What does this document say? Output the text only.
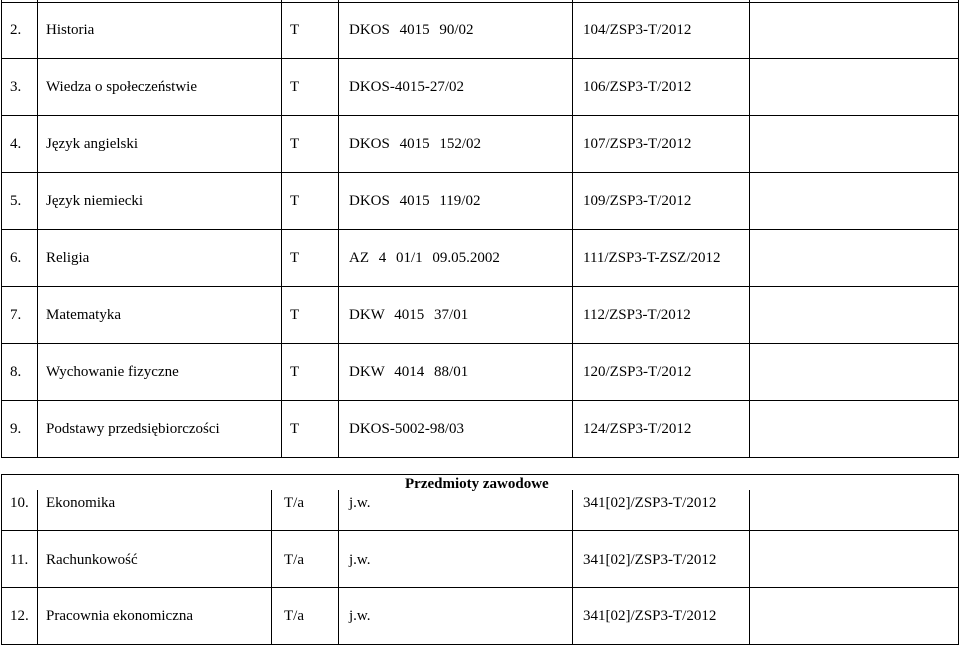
2. Historia	T	DKOS 4015 90/02	104/ZSP3-T/2012
3. Wiedza o społeczeństwie	T	DKOS-4015-27/02	106/ZSP3-T/2012
4. Język angielski	T	DKOS 4015 152/02	107/ZSP3-T/2012
5. Język niemiecki	T	DKOS 4015 119/02	109/ZSP3-T/2012
6. Religia	T	AZ 4 01/1 09.05.2002	111/ZSP3-T-ZSZ/2012
7. Matematyka	T	DKW 4015 37/01	112/ZSP3-T/2012
8. Wychowanie fizyczne	T	DKW 4014 88/01	120/ZSP3-T/2012
9. Podstawy przedsiębiorczości	T	DKOS-5002-98/03	124/ZSP3-T/2012
Przedmioty zawodowe
10. Ekonomika	T/a	j.w.	341[02]/ZSP3-T/2012
11. Rachunkowość	T/a	j.w.	341[02]/ZSP3-T/2012
12. Pracownia ekonomiczna	T/a	j.w.	341[02]/ZSP3-T/2012
